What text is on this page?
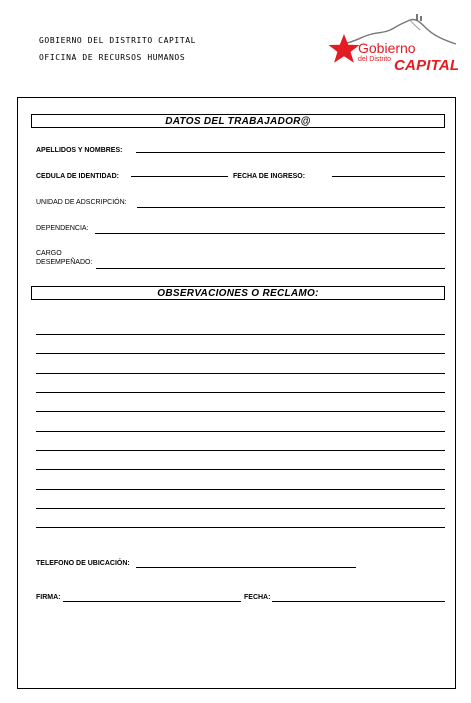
GOBIERNO DEL DISTRITO CAPITAL
OFICINA DE RECURSOS HUMANOS
Gobierno
del Distrito CAPITAL
DATOS DEL TRABAJADOR@
APELLIDOS Y NOMBRES:
CEDULA DE IDENTIDAD:	FECHA DE INGRESO:
UNIDAD DE ADSCRIPCIÓN:
DEPENDENCIA:
CARGO
DESEMPEÑADO:
OBSERVACIONES O RECLAMO:
TELEFONO DE UBICACIÓN:
FIRMA:	FECHA:
